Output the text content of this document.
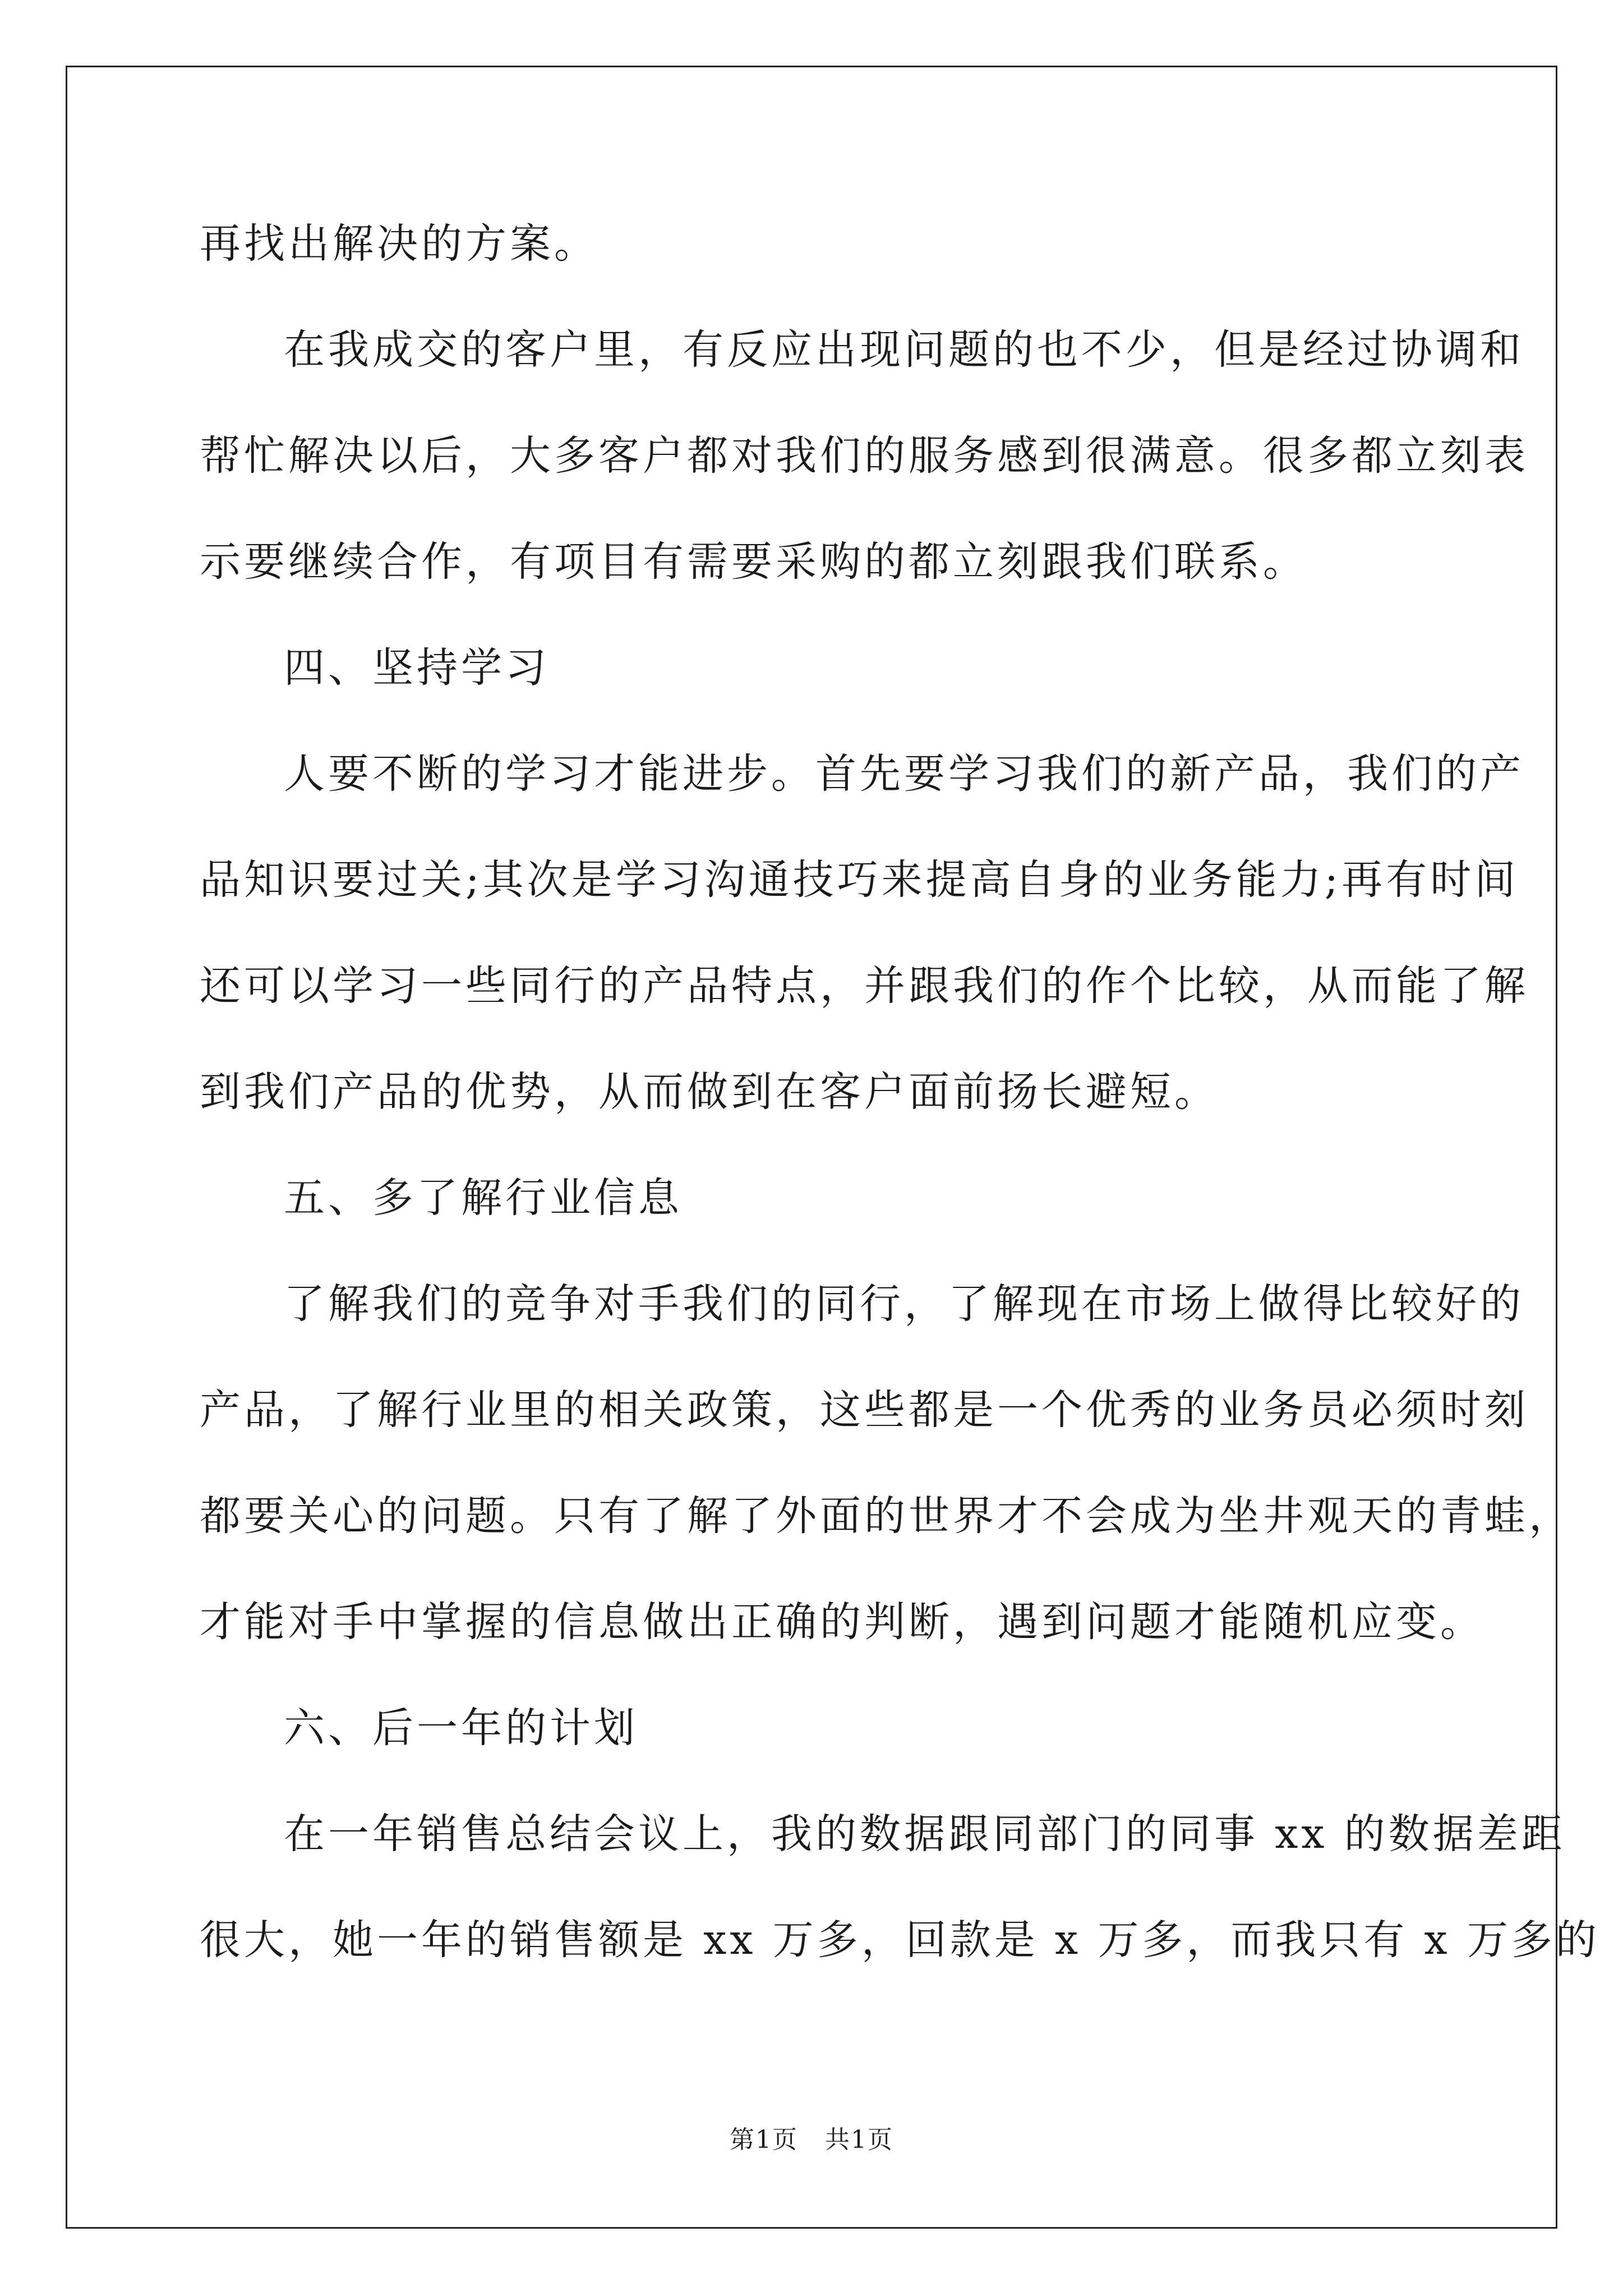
再找出解决的方案。

在我成交的客户里，有反应出现问题的也不少，但是经过协调和

帮忙解决以后，大多客户都对我们的服务感到很满意。很多都立刻表

示要继续合作，有项目有需要采购的都立刻跟我们联系。

四、坚持学习

人要不断的学习才能进步。首先要学习我们的新产品，我们的产

品知识要过关;其次是学习沟通技巧来提高自身的业务能力;再有时间

还可以学习一些同行的产品特点，并跟我们的作个比较，从而能了解

到我们产品的优势，从而做到在客户面前扬长避短。

五、多了解行业信息

了解我们的竞争对手我们的同行，了解现在市场上做得比较好的

产品，了解行业里的相关政策，这些都是一个优秀的业务员必须时刻

都要关心的问题。只有了解了外面的世界才不会成为坐井观天的青蛙，

才能对手中掌握的信息做出正确的判断，遇到问题才能随机应变。

六、后一年的计划

在一年销售总结会议上，我的数据跟同部门的同事 xx 的数据差距

很大，她一年的销售额是 xx 万多，回款是 x 万多，而我只有 x 万多的

第1页   共1页
